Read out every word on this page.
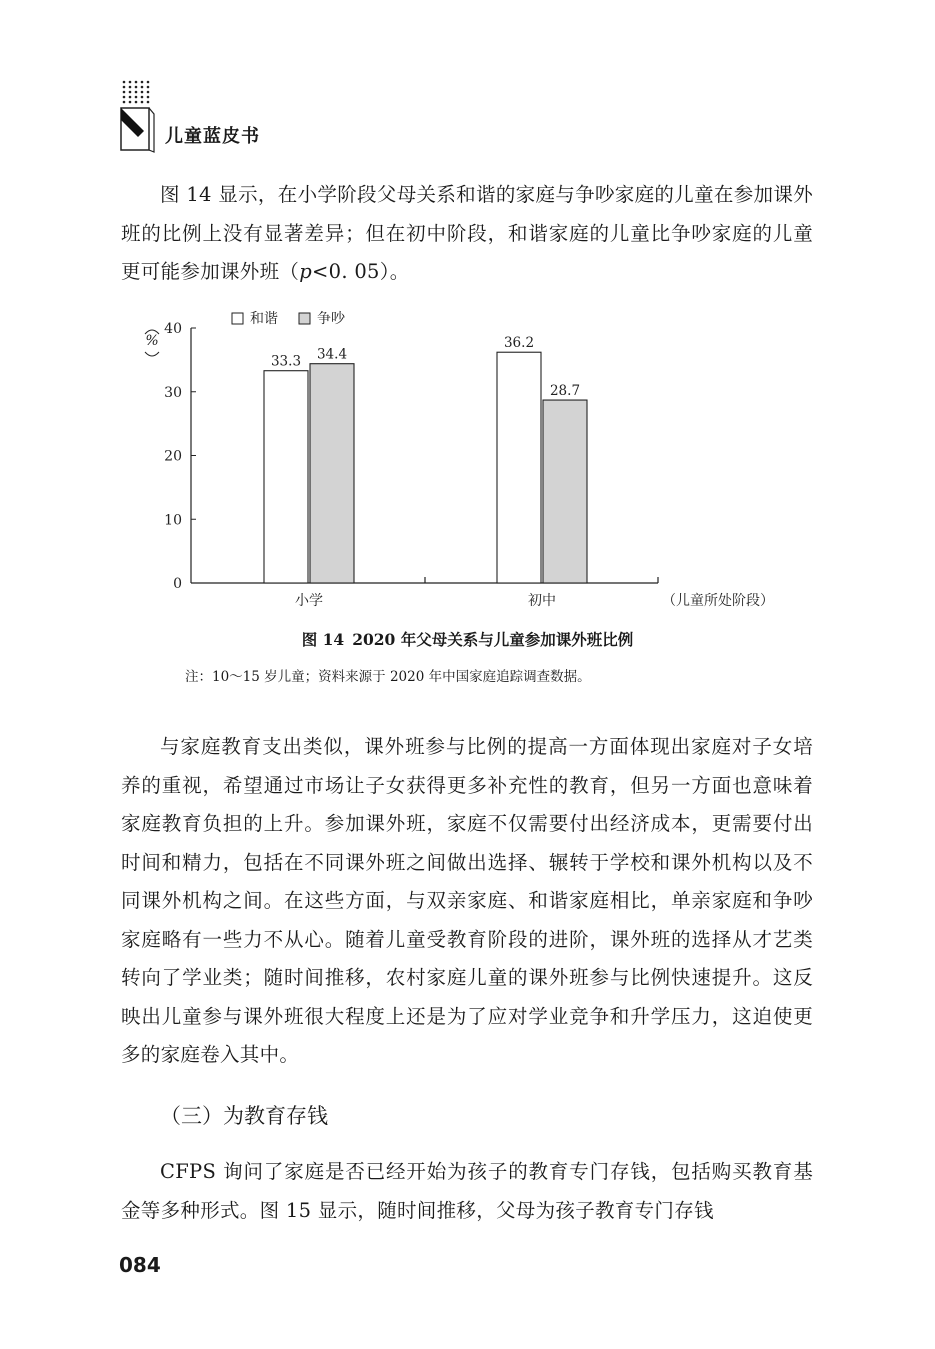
儿童蓝皮书

图 14 显示，在小学阶段父母关系和谐的家庭与争吵家庭的儿童在参加课外班的比例上没有显著差异；但在初中阶段，和谐家庭的儿童比争吵家庭的儿童更可能参加课外班（p<0. 05）。

0
10
20
30
40
%
33.3 34.4
小学
36.2
28.7
初中	（儿童所处阶段）
和谐	争吵
图 14 2020 年父母关系与儿童参加课外班比例
注：10～15 岁儿童；资料来源于 2020 年中国家庭追踪调查数据。

与家庭教育支出类似，课外班参与比例的提高一方面体现出家庭对子女培养的重视，希望通过市场让子女获得更多补充性的教育，但另一方面也意味着家庭教育负担的上升。参加课外班，家庭不仅需要付出经济成本，更需要付出时间和精力，包括在不同课外班之间做出选择、辗转于学校和课外机构以及不同课外机构之间。在这些方面，与双亲家庭、和谐家庭相比，单亲家庭和争吵家庭略有一些力不从心。随着儿童受教育阶段的进阶，课外班的选择从才艺类转向了学业类；随时间推移，农村家庭儿童的课外班参与比例快速提升。这反映出儿童参与课外班很大程度上还是为了应对学业竞争和升学压力，这迫使更多的家庭卷入其中。

（三）为教育存钱

CFPS 询问了家庭是否已经开始为孩子的教育专门存钱，包括购买教育基金等多种形式。图 15 显示，随时间推移，父母为孩子教育专门存钱

084
